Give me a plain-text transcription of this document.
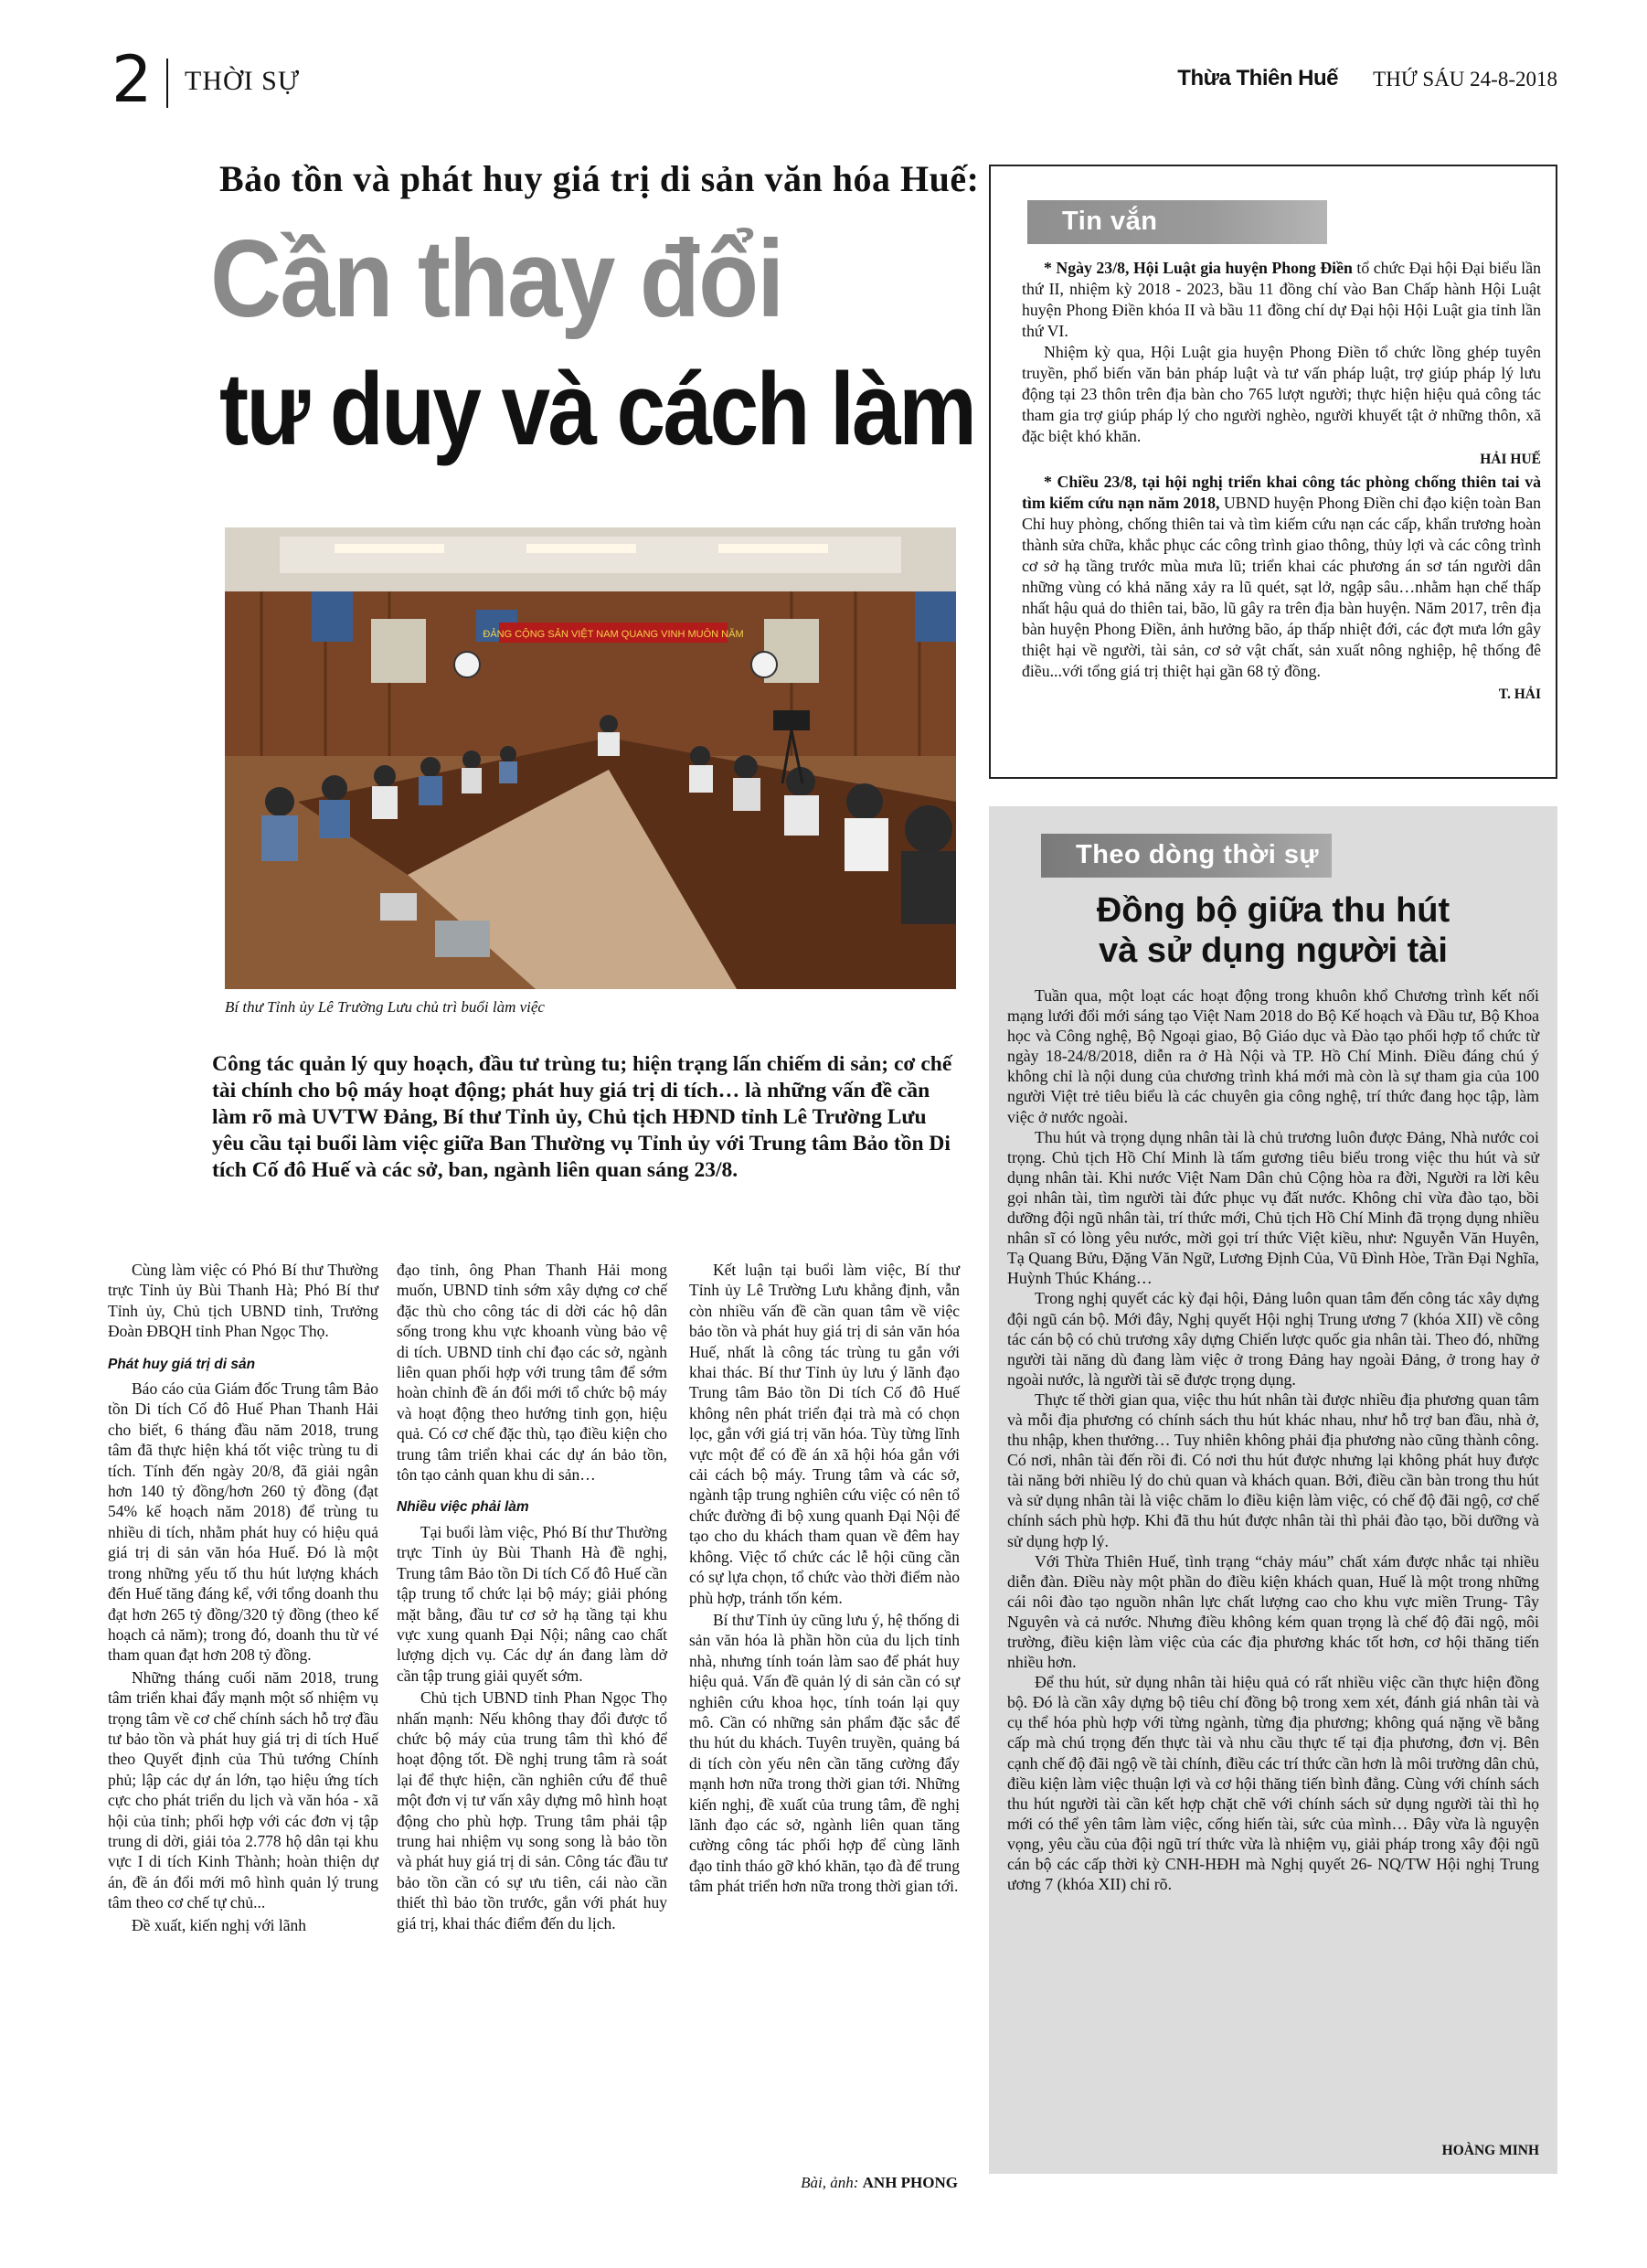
2 THỜI SỰ	Thừa Thiên Huế THỨ SÁU 24-8-2018
Bảo tồn và phát huy giá trị di sản văn hóa Huế:
Cần thay đổi
tư duy và cách làm
ĐẢNG CỘNG SẢN VIỆT NAM QUANG VINH MUÔN NĂM
Bí thư Tỉnh ủy Lê Trường Lưu chủ trì buổi làm việc
Công tác quản lý quy hoạch, đầu tư trùng tu; hiện trạng lấn chiếm di sản; cơ chế tài chính cho bộ máy hoạt động; phát huy giá trị di tích… là những vấn đề cần làm rõ mà UVTW Đảng, Bí thư Tỉnh ủy, Chủ tịch HĐND tỉnh Lê Trường Lưu yêu cầu tại buổi làm việc giữa Ban Thường vụ Tỉnh ủy với Trung tâm Bảo tồn Di tích Cố đô Huế và các sở, ban, ngành liên quan sáng 23/8.

Cùng làm việc có Phó Bí thư Thường trực Tỉnh ủy Bùi Thanh Hà; Phó Bí thư Tỉnh ủy, Chủ tịch UBND tỉnh, Trưởng Đoàn ĐBQH tỉnh Phan Ngọc Thọ.

Phát huy giá trị di sản

Báo cáo của Giám đốc Trung tâm Bảo tồn Di tích Cố đô Huế Phan Thanh Hải cho biết, 6 tháng đầu năm 2018, trung tâm đã thực hiện khá tốt việc trùng tu di tích. Tính đến ngày 20/8, đã giải ngân hơn 140 tỷ đồng/hơn 260 tỷ đồng (đạt 54% kế hoạch năm 2018) để trùng tu nhiều di tích, nhằm phát huy có hiệu quả giá trị di sản văn hóa Huế. Đó là một trong những yếu tố thu hút lượng khách đến Huế tăng đáng kể, với tổng doanh thu đạt hơn 265 tỷ đồng/320 tỷ đồng (theo kế hoạch cả năm); trong đó, doanh thu từ vé tham quan đạt hơn 208 tỷ đồng.

Những tháng cuối năm 2018, trung tâm triển khai đẩy mạnh một số nhiệm vụ trọng tâm về cơ chế chính sách hỗ trợ đầu tư bảo tồn và phát huy giá trị di tích Huế theo Quyết định của Thủ tướng Chính phủ; lập các dự án lớn, tạo hiệu ứng tích cực cho phát triển du lịch và văn hóa - xã hội của tỉnh; phối hợp với các đơn vị tập trung di dời, giải tỏa 2.778 hộ dân tại khu vực I di tích Kinh Thành; hoàn thiện dự án, đề án đổi mới mô hình quản lý trung tâm theo cơ chế tự chủ...

Đề xuất, kiến nghị với lãnh

đạo tỉnh, ông Phan Thanh Hải mong muốn, UBND tỉnh sớm xây dựng cơ chế đặc thù cho công tác di dời các hộ dân sống trong khu vực khoanh vùng bảo vệ di tích. UBND tỉnh chỉ đạo các sở, ngành liên quan phối hợp với trung tâm để sớm hoàn chỉnh đề án đổi mới tổ chức bộ máy và hoạt động theo hướng tinh gọn, hiệu quả. Có cơ chế đặc thù, tạo điều kiện cho trung tâm triển khai các dự án bảo tồn, tôn tạo cảnh quan khu di sản…

Nhiều việc phải làm

Tại buổi làm việc, Phó Bí thư Thường trực Tỉnh ủy Bùi Thanh Hà đề nghị, Trung tâm Bảo tồn Di tích Cố đô Huế cần tập trung tổ chức lại bộ máy; giải phóng mặt bằng, đầu tư cơ sở hạ tầng tại khu vực xung quanh Đại Nội; nâng cao chất lượng dịch vụ. Các dự án đang làm dở cần tập trung giải quyết sớm.

Chủ tịch UBND tỉnh Phan Ngọc Thọ nhấn mạnh: Nếu không thay đổi được tổ chức bộ máy của trung tâm thì khó để hoạt động tốt. Đề nghị trung tâm rà soát lại để thực hiện, cần nghiên cứu để thuê một đơn vị tư vấn xây dựng mô hình hoạt động cho phù hợp. Trung tâm phải tập trung hai nhiệm vụ song song là bảo tồn và phát huy giá trị di sản. Công tác đầu tư bảo tồn cần có sự ưu tiên, cái nào cần thiết thì bảo tồn trước, gắn với phát huy giá trị, khai thác điểm đến du lịch.

Kết luận tại buổi làm việc, Bí thư Tỉnh ủy Lê Trường Lưu khẳng định, vẫn còn nhiều vấn đề cần quan tâm về việc bảo tồn và phát huy giá trị di sản văn hóa Huế, nhất là công tác trùng tu gắn với khai thác. Bí thư Tỉnh ủy lưu ý lãnh đạo Trung tâm Bảo tồn Di tích Cố đô Huế không nên phát triển đại trà mà có chọn lọc, gắn với giá trị văn hóa. Tùy từng lĩnh vực một để có đề án xã hội hóa gắn với cải cách bộ máy. Trung tâm và các sở, ngành tập trung nghiên cứu việc có nên tổ chức đường đi bộ xung quanh Đại Nội để tạo cho du khách tham quan về đêm hay không. Việc tổ chức các lễ hội cũng cần có sự lựa chọn, tổ chức vào thời điểm nào phù hợp, tránh tốn kém.

Bí thư Tỉnh ủy cũng lưu ý, hệ thống di sản văn hóa là phần hồn của du lịch tỉnh nhà, nhưng tính toán làm sao để phát huy hiệu quả. Vấn đề quản lý di sản cần có sự nghiên cứu khoa học, tính toán lại quy mô. Cần có những sản phẩm đặc sắc để thu hút du khách. Tuyên truyền, quảng bá di tích còn yếu nên cần tăng cường đẩy mạnh hơn nữa trong thời gian tới. Những kiến nghị, đề xuất của trung tâm, đề nghị lãnh đạo các sở, ngành liên quan tăng cường công tác phối hợp để cùng lãnh đạo tỉnh tháo gỡ khó khăn, tạo đà để trung tâm phát triển hơn nữa trong thời gian tới.

Bài, ảnh: ANH PHONG
Tin vắn

* Ngày 23/8, Hội Luật gia huyện Phong Điền tổ chức Đại hội Đại biểu lần thứ II, nhiệm kỳ 2018 - 2023, bầu 11 đồng chí vào Ban Chấp hành Hội Luật huyện Phong Điền khóa II và bầu 11 đồng chí dự Đại hội Hội Luật gia tỉnh lần thứ VI.

Nhiệm kỳ qua, Hội Luật gia huyện Phong Điền tổ chức lồng ghép tuyên truyền, phổ biến văn bản pháp luật và tư vấn pháp luật, trợ giúp pháp lý lưu động tại 23 thôn trên địa bàn cho 765 lượt người; thực hiện hiệu quả công tác tham gia trợ giúp pháp lý cho người nghèo, người khuyết tật ở những thôn, xã đặc biệt khó khăn.

HẢI HUẾ

* Chiều 23/8, tại hội nghị triển khai công tác phòng chống thiên tai và tìm kiếm cứu nạn năm 2018, UBND huyện Phong Điền chỉ đạo kiện toàn Ban Chỉ huy phòng, chống thiên tai và tìm kiếm cứu nạn các cấp, khẩn trương hoàn thành sửa chữa, khắc phục các công trình giao thông, thủy lợi và các công trình cơ sở hạ tầng trước mùa mưa lũ; triển khai các phương án sơ tán người dân những vùng có khả năng xảy ra lũ quét, sạt lở, ngập sâu…nhằm hạn chế thấp nhất hậu quả do thiên tai, bão, lũ gây ra trên địa bàn huyện. Năm 2017, trên địa bàn huyện Phong Điền, ảnh hưởng bão, áp thấp nhiệt đới, các đợt mưa lớn gây thiệt hại về người, tài sản, cơ sở vật chất, sản xuất nông nghiệp, hệ thống đê điều...với tổng giá trị thiệt hại gần 68 tỷ đồng.

T. HẢI
Theo dòng thời sự
Đồng bộ giữa thu hút
và sử dụng người tài

Tuần qua, một loạt các hoạt động trong khuôn khổ Chương trình kết nối mạng lưới đổi mới sáng tạo Việt Nam 2018 do Bộ Kế hoạch và Đầu tư, Bộ Khoa học và Công nghệ, Bộ Ngoại giao, Bộ Giáo dục và Đào tạo phối hợp tổ chức từ ngày 18-24/8/2018, diễn ra ở Hà Nội và TP. Hồ Chí Minh. Điều đáng chú ý không chỉ là nội dung của chương trình khá mới mà còn là sự tham gia của 100 người Việt trẻ tiêu biểu là các chuyên gia công nghệ, trí thức đang học tập, làm việc ở nước ngoài.

Thu hút và trọng dụng nhân tài là chủ trương luôn được Đảng, Nhà nước coi trọng. Chủ tịch Hồ Chí Minh là tấm gương tiêu biểu trong việc thu hút và sử dụng nhân tài. Khi nước Việt Nam Dân chủ Cộng hòa ra đời, Người ra lời kêu gọi nhân tài, tìm người tài đức phục vụ đất nước. Không chỉ vừa đào tạo, bồi dưỡng đội ngũ nhân tài, trí thức mới, Chủ tịch Hồ Chí Minh đã trọng dụng nhiều nhân sĩ có lòng yêu nước, mời gọi trí thức Việt kiều, như: Nguyễn Văn Huyên, Tạ Quang Bửu, Đặng Văn Ngữ, Lương Định Của, Vũ Đình Hòe, Trần Đại Nghĩa, Huỳnh Thúc Kháng…

Trong nghị quyết các kỳ đại hội, Đảng luôn quan tâm đến công tác xây dựng đội ngũ cán bộ. Mới đây, Nghị quyết Hội nghị Trung ương 7 (khóa XII) về công tác cán bộ có chủ trương xây dựng Chiến lược quốc gia nhân tài. Theo đó, những người tài năng dù đang làm việc ở trong Đảng hay ngoài Đảng, ở trong hay ở ngoài nước, là người tài sẽ được trọng dụng.

Thực tế thời gian qua, việc thu hút nhân tài được nhiều địa phương quan tâm và mỗi địa phương có chính sách thu hút khác nhau, như hỗ trợ ban đầu, nhà ở, thu nhập, khen thưởng… Tuy nhiên không phải địa phương nào cũng thành công. Có nơi, nhân tài đến rồi đi. Có nơi thu hút được nhưng lại không phát huy được tài năng bởi nhiều lý do chủ quan và khách quan. Bởi, điều cần bàn trong thu hút và sử dụng nhân tài là việc chăm lo điều kiện làm việc, có chế độ đãi ngộ, cơ chế chính sách phù hợp. Khi đã thu hút được nhân tài thì phải đào tạo, bồi dưỡng và sử dụng hợp lý.

Với Thừa Thiên Huế, tình trạng “chảy máu” chất xám được nhắc tại nhiều diễn đàn. Điều này một phần do điều kiện khách quan, Huế là một trong những cái nôi đào tạo nguồn nhân lực chất lượng cao cho khu vực miền Trung- Tây Nguyên và cả nước. Nhưng điều không kém quan trọng là chế độ đãi ngộ, môi trường, điều kiện làm việc của các địa phương khác tốt hơn, cơ hội thăng tiến nhiều hơn.

Để thu hút, sử dụng nhân tài hiệu quả có rất nhiều việc cần thực hiện đồng bộ. Đó là cần xây dựng bộ tiêu chí đồng bộ trong xem xét, đánh giá nhân tài và cụ thể hóa phù hợp với từng ngành, từng địa phương; không quá nặng về bằng cấp mà chú trọng đến thực tài và nhu cầu thực tế tại địa phương, đơn vị. Bên cạnh chế độ đãi ngộ về tài chính, điều các trí thức cần hơn là môi trường dân chủ, điều kiện làm việc thuận lợi và cơ hội thăng tiến bình đẳng. Cùng với chính sách thu hút người tài cần kết hợp chặt chẽ với chính sách sử dụng người tài thì họ mới có thể yên tâm làm việc, cống hiến tài, sức của mình… Đây vừa là nguyện vọng, yêu cầu của đội ngũ trí thức vừa là nhiệm vụ, giải pháp trong xây đội ngũ cán bộ các cấp thời kỳ CNH-HĐH mà Nghị quyết 26- NQ/TW Hội nghị Trung ương 7 (khóa XII) chỉ rõ.

HOÀNG MINH
